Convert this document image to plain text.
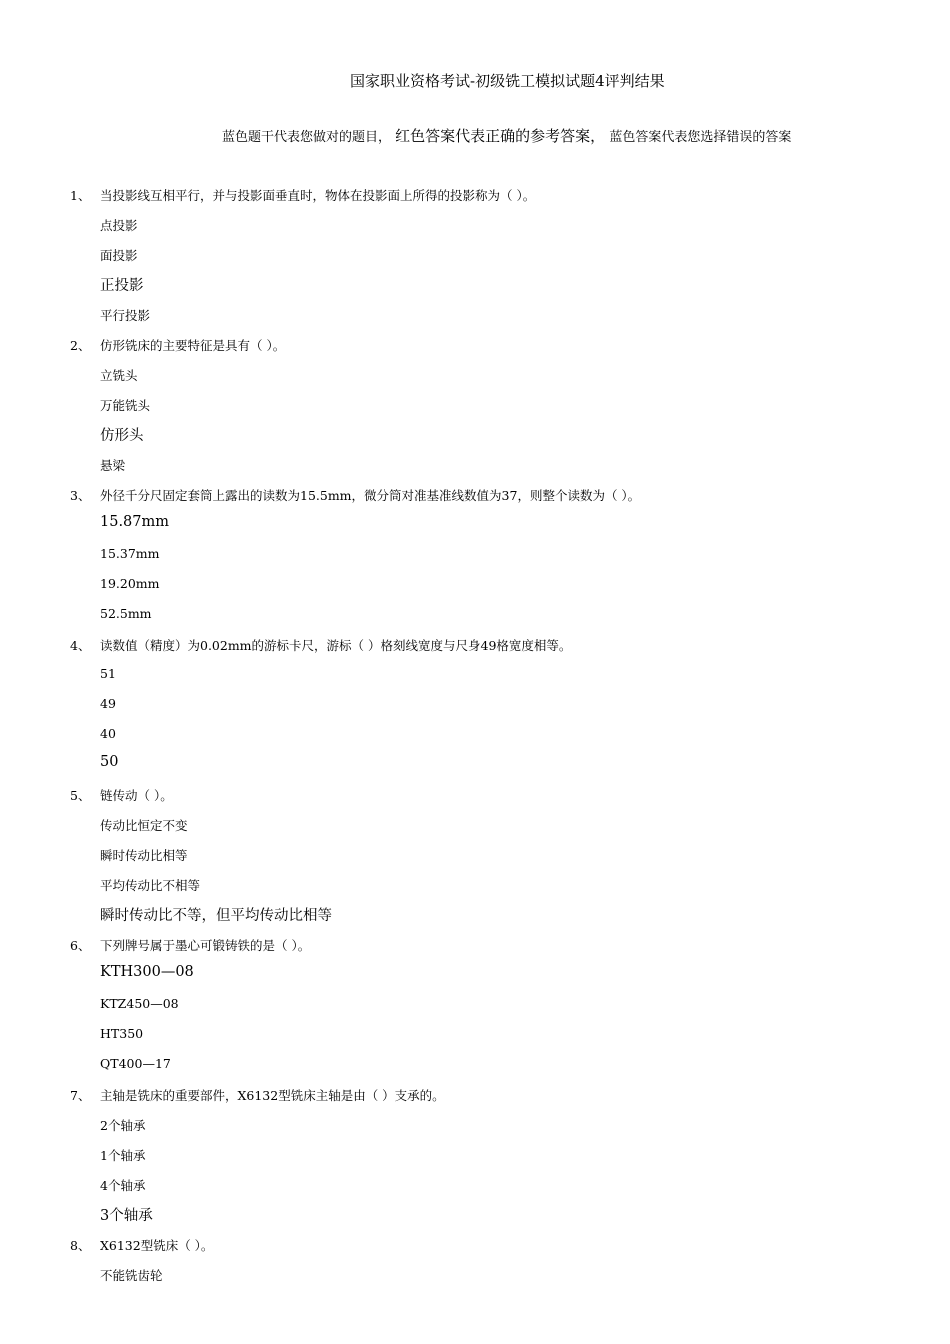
国家职业资格考试-初级铣工模拟试题4评判结果
蓝色题干代表您做对的题目， 红色答案代表正确的参考答案， 蓝色答案代表您选择错误的答案
1、 当投影线互相平行，并与投影面垂直时，物体在投影面上所得的投影称为（ ）。
点投影
面投影
正投影
平行投影
2、 仿形铣床的主要特征是具有（ ）。
立铣头
万能铣头
仿形头
悬梁
3、 外径千分尺固定套筒上露出的读数为15.5mm，微分筒对准基准线数值为37，则整个读数为（ ）。
15.87mm
15.37mm
19.20mm
52.5mm
4、 读数值（精度）为0.02mm的游标卡尺，游标（ ）格刻线宽度与尺身49格宽度相等。
51
49
40
50
5、 链传动（ ）。
传动比恒定不变
瞬时传动比相等
平均传动比不相等
瞬时传动比不等，但平均传动比相等
6、 下列牌号属于墨心可锻铸铁的是（ ）。
KTH300—08
KTZ450—08
HT350
QT400—17
7、 主轴是铣床的重要部件，X6132型铣床主轴是由（ ）支承的。
2个轴承
1个轴承
4个轴承
3个轴承
8、 X6132型铣床（ ）。
不能铣齿轮
